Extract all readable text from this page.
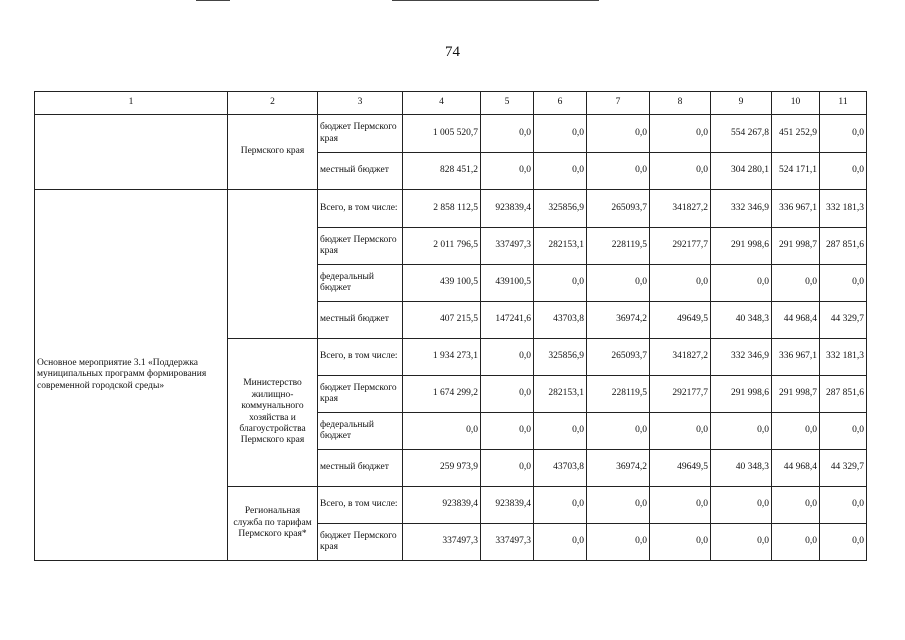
74
1	2	3	4	5	6	7	8	9	10	11
	Пермского края	бюджет Пермского края	1 005 520,7	0,0	0,0	0,0	0,0	554 267,8	451 252,9	0,0
		местный бюджет	828 451,2	0,0	0,0	0,0	0,0	304 280,1	524 171,1	0,0
Основное мероприятие 3.1 «Поддержка муниципальных программ формирования современной городской среды»		Всего, в том числе:	2 858 112,5	923839,4	325856,9	265093,7	341827,2	332 346,9	336 967,1	332 181,3
		бюджет Пермского края	2 011 796,5	337497,3	282153,1	228119,5	292177,7	291 998,6	291 998,7	287 851,6
		федеральный бюджет	439 100,5	439100,5	0,0	0,0	0,0	0,0	0,0	0,0
		местный бюджет	407 215,5	147241,6	43703,8	36974,2	49649,5	40 348,3	44 968,4	44 329,7
	Министерство жилищно-коммунального хозяйства и благоустройства Пермского края	Всего, в том числе:	1 934 273,1	0,0	325856,9	265093,7	341827,2	332 346,9	336 967,1	332 181,3
		бюджет Пермского края	1 674 299,2	0,0	282153,1	228119,5	292177,7	291 998,6	291 998,7	287 851,6
		федеральный бюджет	0,0	0,0	0,0	0,0	0,0	0,0	0,0	0,0
		местный бюджет	259 973,9	0,0	43703,8	36974,2	49649,5	40 348,3	44 968,4	44 329,7
	Региональная служба по тарифам Пермского края*	Всего, в том числе:	923839,4	923839,4	0,0	0,0	0,0	0,0	0,0	0,0
		бюджет Пермского края	337497,3	337497,3	0,0	0,0	0,0	0,0	0,0	0,0
